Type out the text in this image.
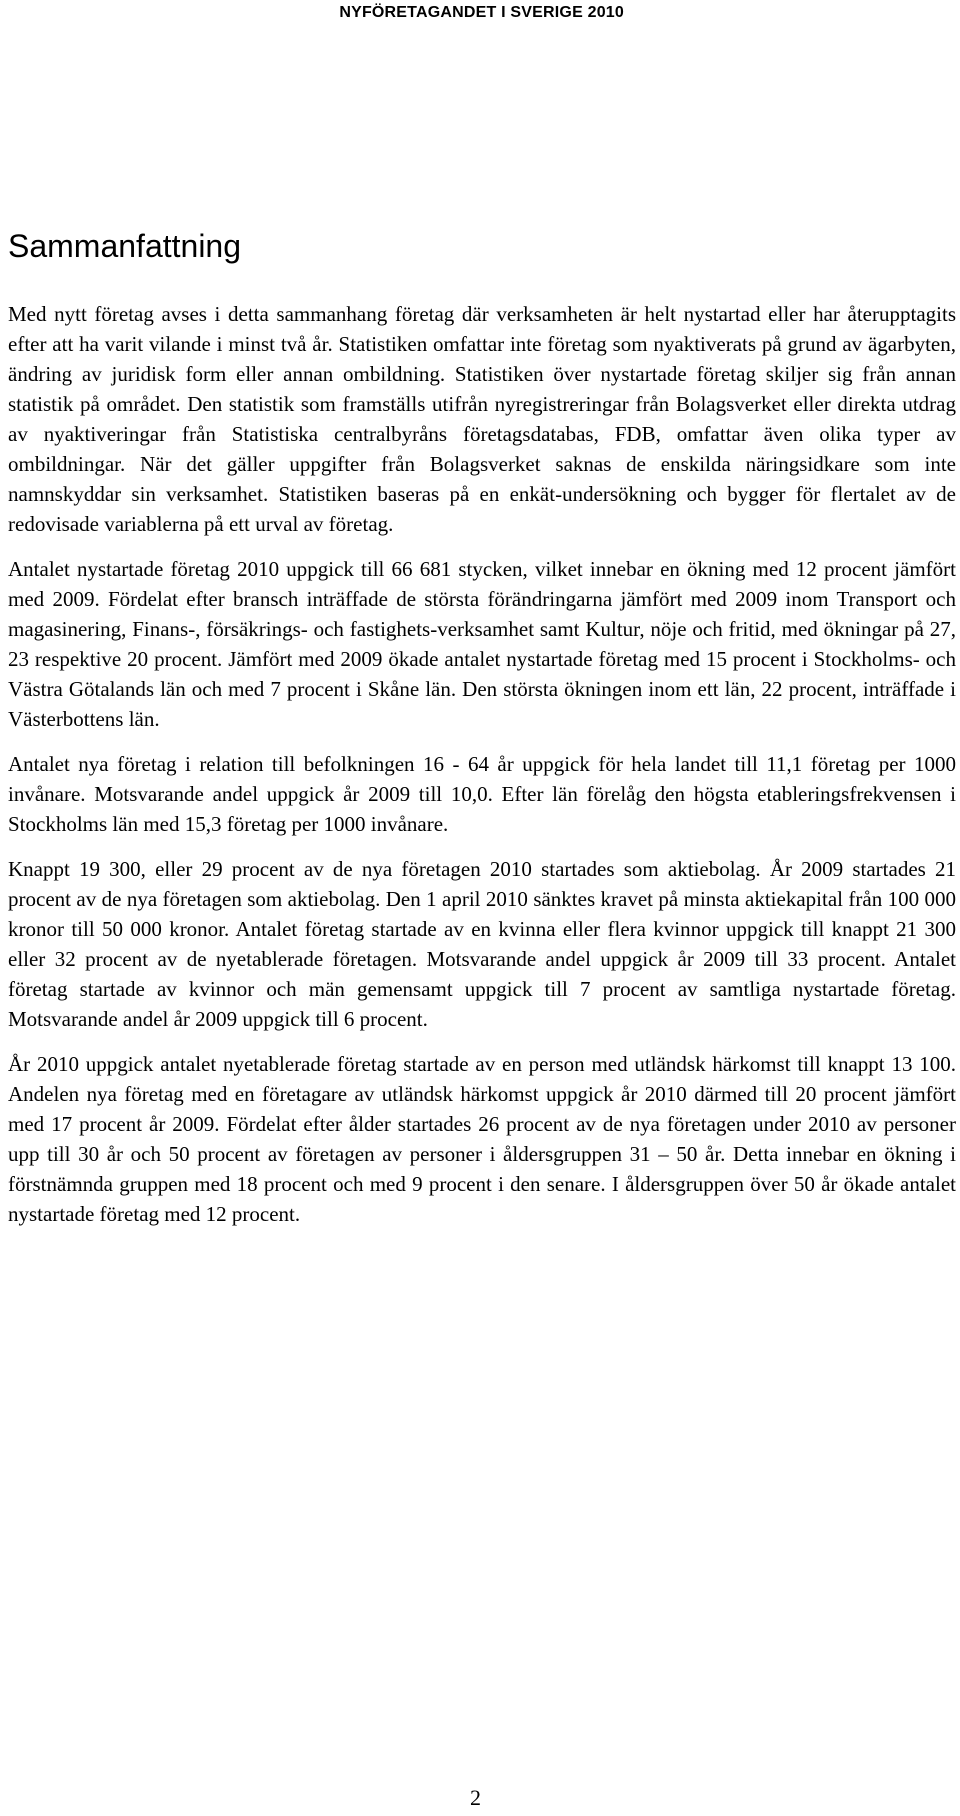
NYFÖRETAGANDET I SVERIGE 2010
Sammanfattning

Med nytt företag avses i detta sammanhang företag där verksamheten är helt nystartad eller har återupptagits efter att ha varit vilande i minst två år. Statistiken omfattar inte företag som nyaktiverats på grund av ägarbyten, ändring av juridisk form eller annan ombildning. Statistiken över nystartade företag skiljer sig från annan statistik på området. Den statistik som framställs utifrån nyregistreringar från Bolagsverket eller direkta utdrag av nyaktiveringar från Statistiska centralbyråns företagsdatabas, FDB, omfattar även olika typer av ombildningar. När det gäller uppgifter från Bolagsverket saknas de enskilda näringsidkare som inte namnskyddar sin verksamhet. Statistiken baseras på en enkät-undersökning och bygger för flertalet av de redovisade variablerna på ett urval av företag.

Antalet nystartade företag 2010 uppgick till 66 681 stycken, vilket innebar en ökning med 12 procent jämfört med 2009. Fördelat efter bransch inträffade de största förändringarna jämfört med 2009 inom Transport och magasinering, Finans-, försäkrings- och fastighets-verksamhet samt Kultur, nöje och fritid, med ökningar på 27, 23 respektive 20 procent. Jämfört med 2009 ökade antalet nystartade företag med 15 procent i Stockholms- och Västra Götalands län och med 7 procent i Skåne län. Den största ökningen inom ett län, 22 procent, inträffade i Västerbottens län.

Antalet nya företag i relation till befolkningen 16 - 64 år uppgick för hela landet till 11,1 företag per 1000 invånare. Motsvarande andel uppgick år 2009 till 10,0. Efter län förelåg den högsta etableringsfrekvensen i Stockholms län med 15,3 företag per 1000 invånare.

Knappt 19 300, eller 29 procent av de nya företagen 2010 startades som aktiebolag. År 2009 startades 21 procent av de nya företagen som aktiebolag. Den 1 april 2010 sänktes kravet på minsta aktiekapital från 100 000 kronor till 50 000 kronor. Antalet företag startade av en kvinna eller flera kvinnor uppgick till knappt 21 300 eller 32 procent av de nyetablerade företagen. Motsvarande andel uppgick år 2009 till 33 procent. Antalet företag startade av kvinnor och män gemensamt uppgick till 7 procent av samtliga nystartade företag. Motsvarande andel år 2009 uppgick till 6 procent.

År 2010 uppgick antalet nyetablerade företag startade av en person med utländsk härkomst till knappt 13 100. Andelen nya företag med en företagare av utländsk härkomst uppgick år 2010 därmed till 20 procent jämfört med 17 procent år 2009. Fördelat efter ålder startades 26 procent av de nya företagen under 2010 av personer upp till 30 år och 50 procent av företagen av personer i åldersgruppen 31 – 50 år. Detta innebar en ökning i förstnämnda gruppen med 18 procent och med 9 procent i den senare. I åldersgruppen över 50 år ökade antalet nystartade företag med 12 procent.

2
